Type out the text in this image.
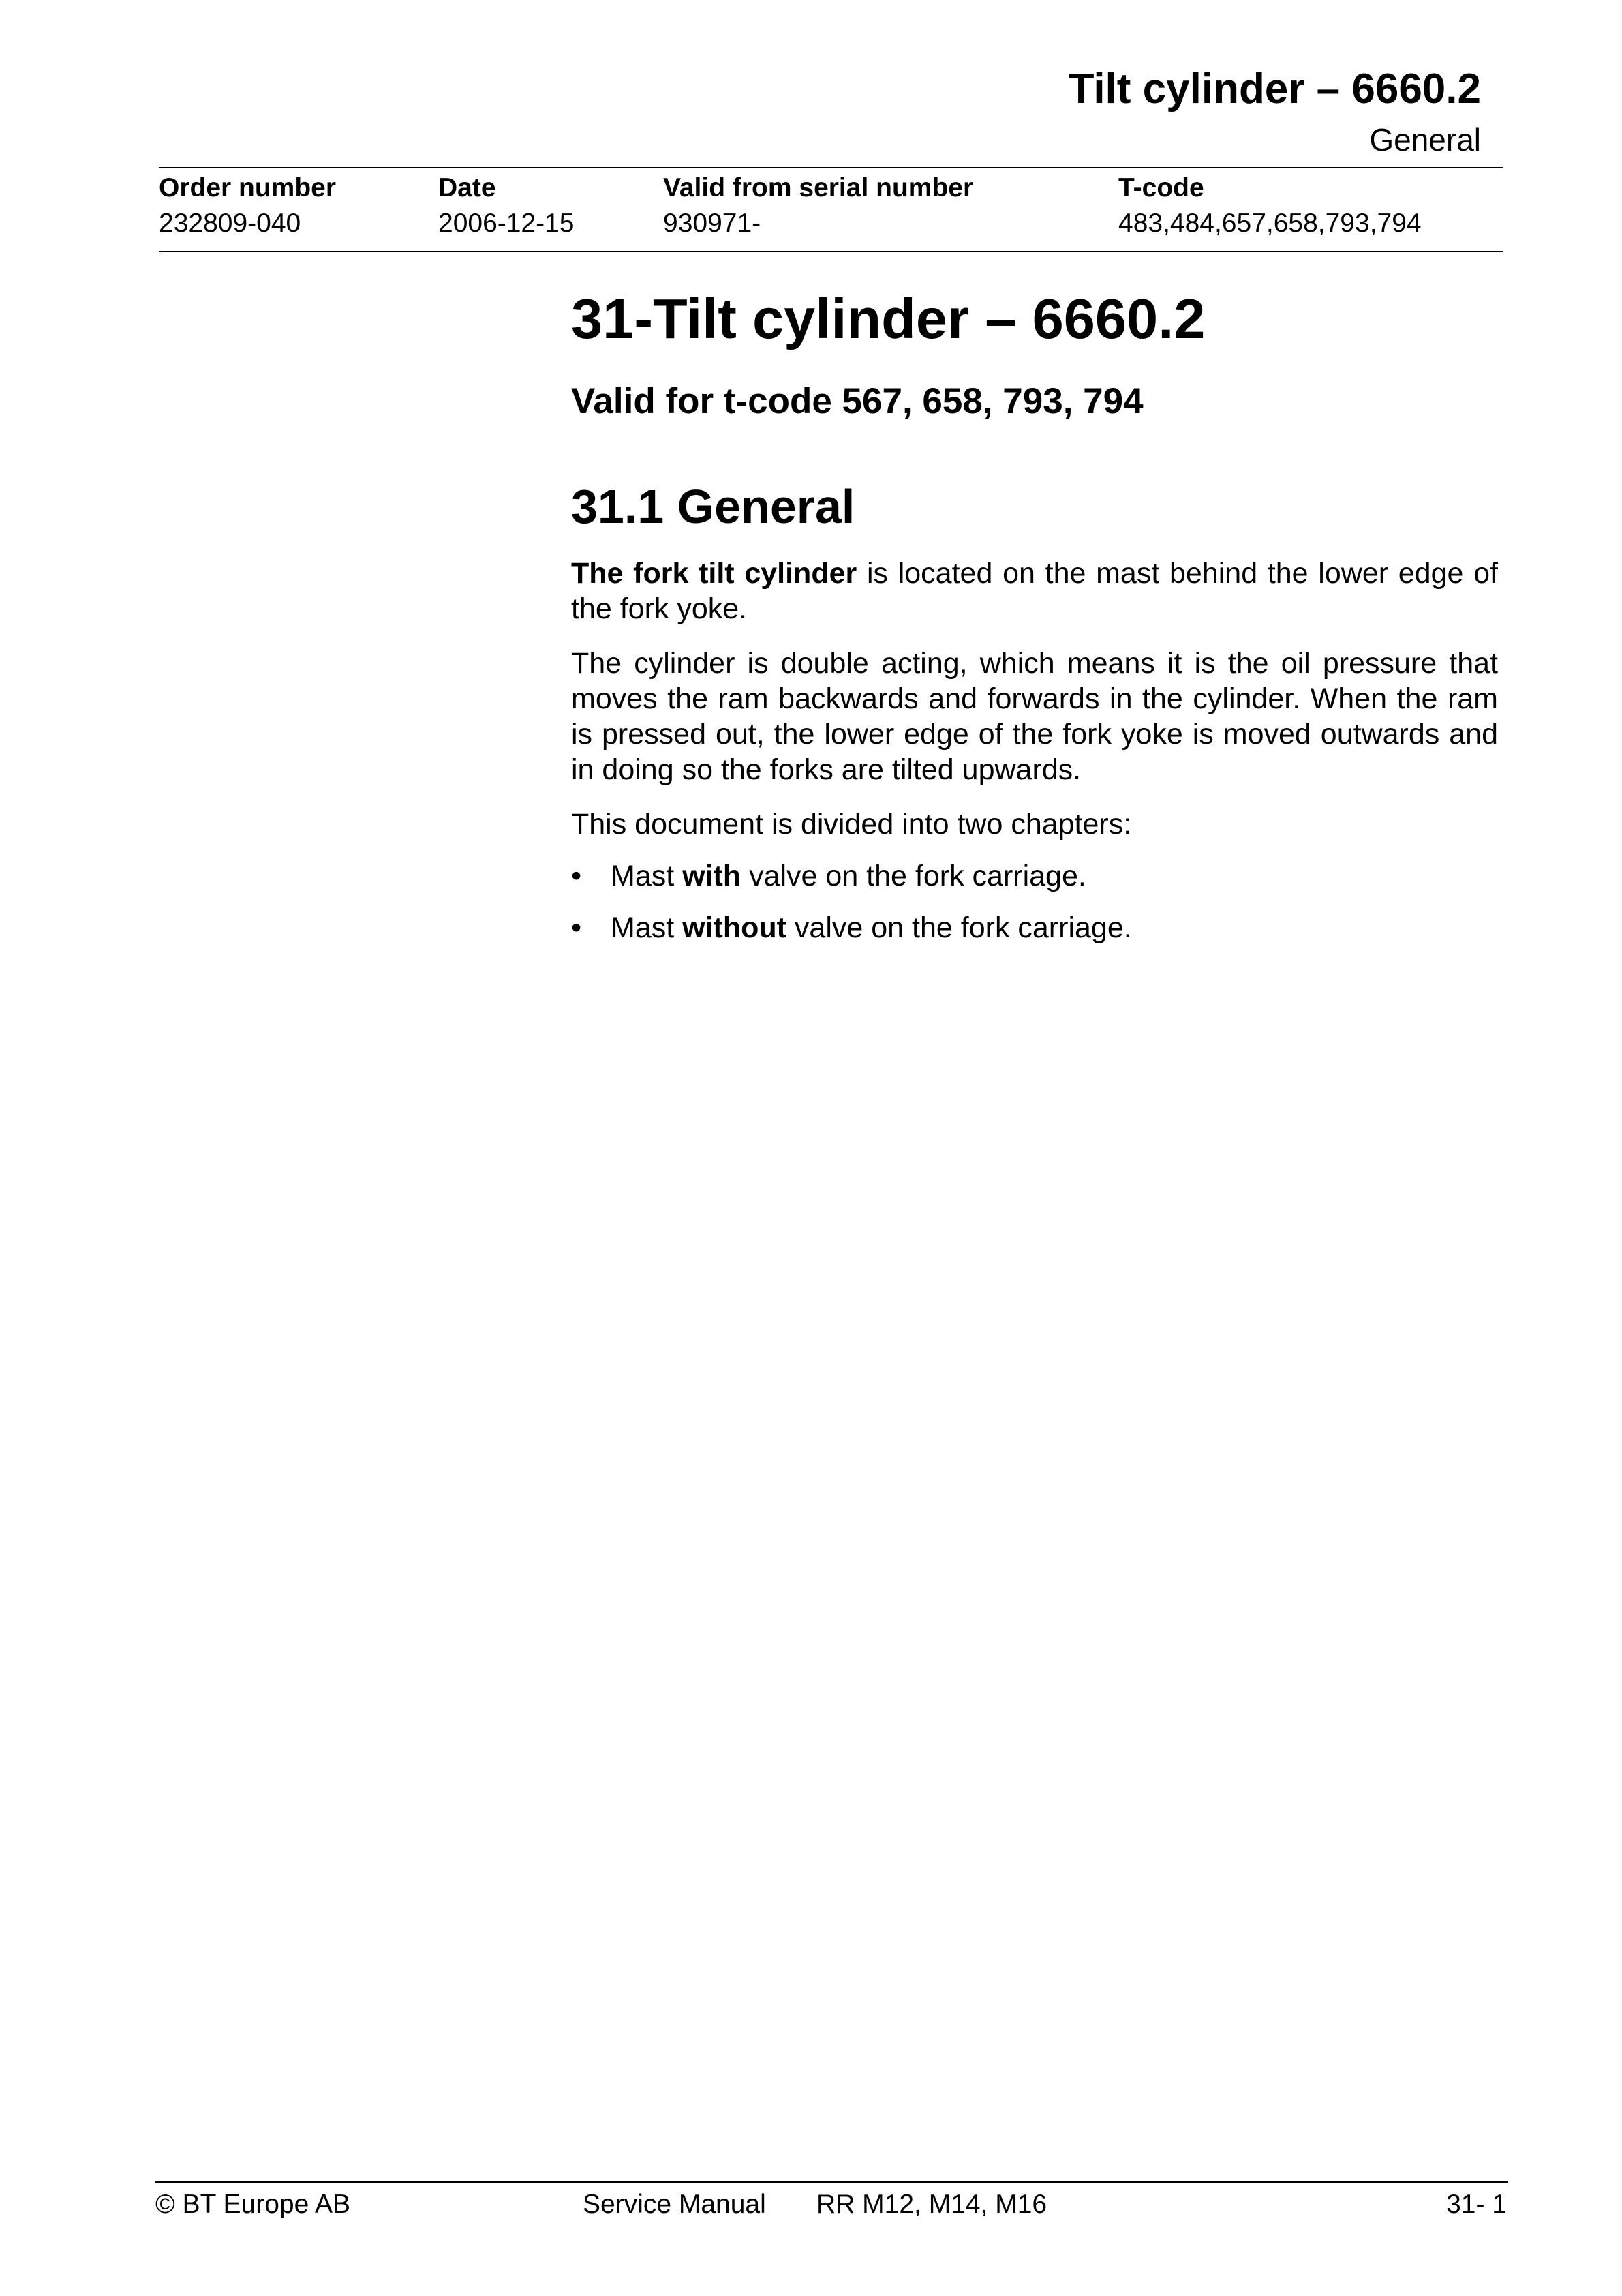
Tilt cylinder – 6660.2
General
Order number
232809-040
Date
2006-12-15
Valid from serial number
930971-
T-code
483,484,657,658,793,794
31-Tilt cylinder – 6660.2
Valid for t-code 567, 658, 793, 794
31.1 General

The fork tilt cylinder is located on the mast behind the lower edge of the fork yoke.

The cylinder is double acting, which means it is the oil pressure that moves the ram backwards and forwards in the cylinder. When the ram is pressed out, the lower edge of the fork yoke is moved outwards and in doing so the forks are tilted upwards.

This document is divided into two chapters:

• Mast with valve on the fork carriage.
• Mast without valve on the fork carriage.
© BT Europe AB	Service Manual RR M12, M14, M16	31- 1
